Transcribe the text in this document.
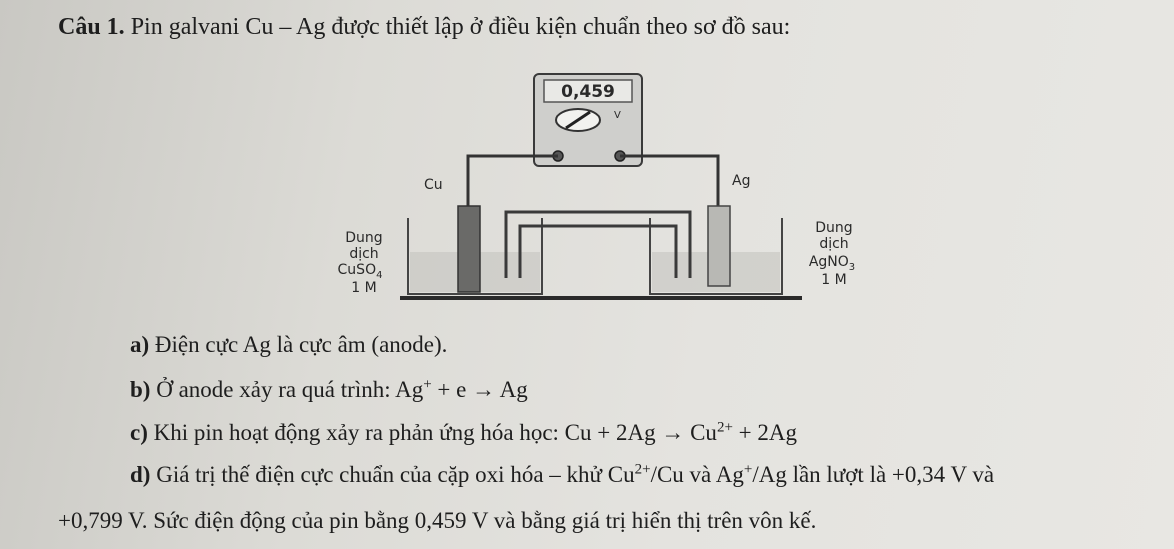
Câu 1. Pin galvani Cu – Ag được thiết lập ở điều kiện chuẩn theo sơ đồ sau:
0,459
V
Cu	Ag
Dung
dịch
CuSO$_4$
1 M
Dung
dịch
AgNO$_3$
1 M
a) Điện cực Ag là cực âm (anode).
b) Ở anode xảy ra quá trình: Ag+ + e → Ag
c) Khi pin hoạt động xảy ra phản ứng hóa học: $Cu + 2Ag \to Cu^{2+} + 2Ag$
d) Giá trị thế điện cực chuẩn của cặp oxi hóa – khử $Cu^{2+}/Cu$ và Ag+/Ag lần lượt là +0,34 V và
+0,799 V. Sức điện động của pin bằng 0,459 V và bằng giá trị hiển thị trên vôn kế.
